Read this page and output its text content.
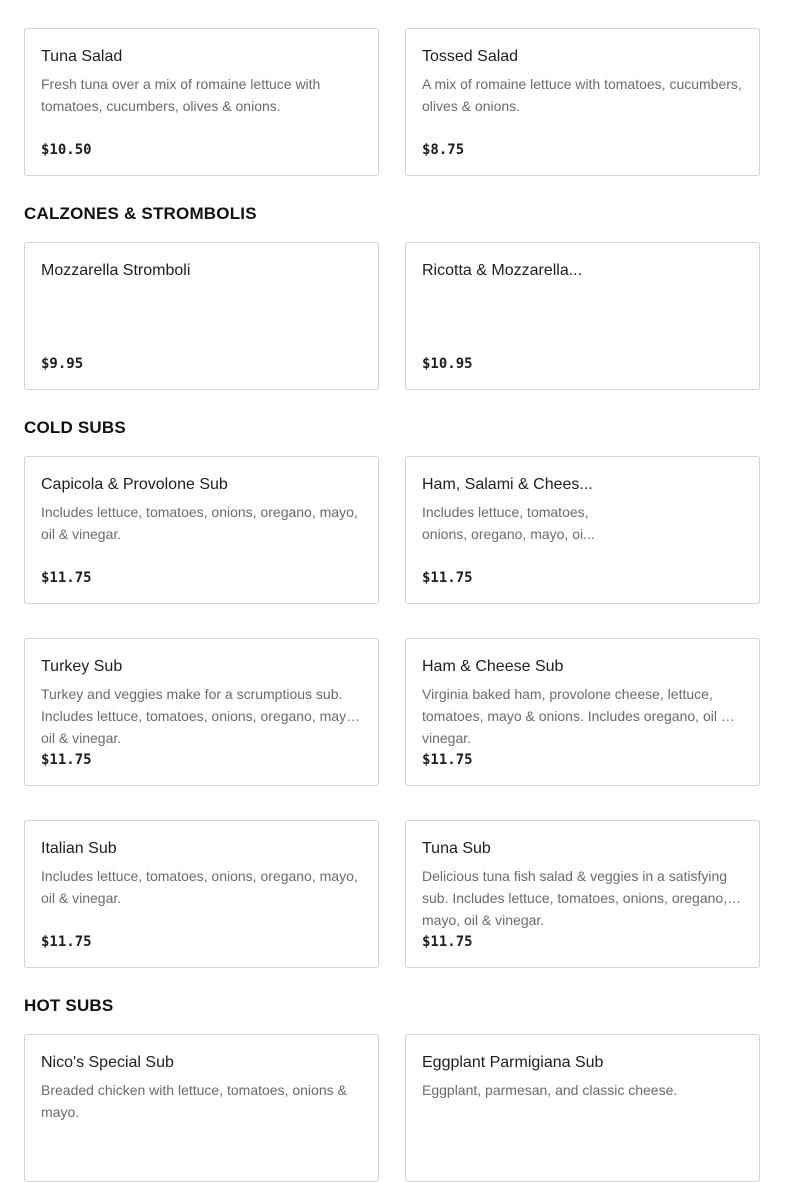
Tuna Salad
Fresh tuna over a mix of romaine lettuce with tomatoes, cucumbers, olives & onions.
$10.50
Tossed Salad
A mix of romaine lettuce with tomatoes, cucumbers, olives & onions.
$8.75
CALZONES & STROMBOLIS
Mozzarella Stromboli
$9.95
Ricotta & Mozzarella...
$10.95
COLD SUBS
Capicola & Provolone Sub
Includes lettuce, tomatoes, onions, oregano, mayo, oil & vinegar.
$11.75
Ham, Salami & Chees...
Includes lettuce, tomatoes, onions, oregano, mayo, oi...
$11.75
Turkey Sub
Turkey and veggies make for a scrumptious sub. Includes lettuce, tomatoes, onions, oregano, mayo, oil & vinegar.
$11.75
Ham & Cheese Sub
Virginia baked ham, provolone cheese, lettuce, tomatoes, mayo & onions. Includes oregano, oil & vinegar.
$11.75
Italian Sub
Includes lettuce, tomatoes, onions, oregano, mayo, oil & vinegar.
$11.75
Tuna Sub
Delicious tuna fish salad & veggies in a satisfying sub. Includes lettuce, tomatoes, onions, oregano, mayo, oil & vinegar.
$11.75
HOT SUBS
Nico's Special Sub
Breaded chicken with lettuce, tomatoes, onions & mayo.
Eggplant Parmigiana Sub
Eggplant, parmesan, and classic cheese.
